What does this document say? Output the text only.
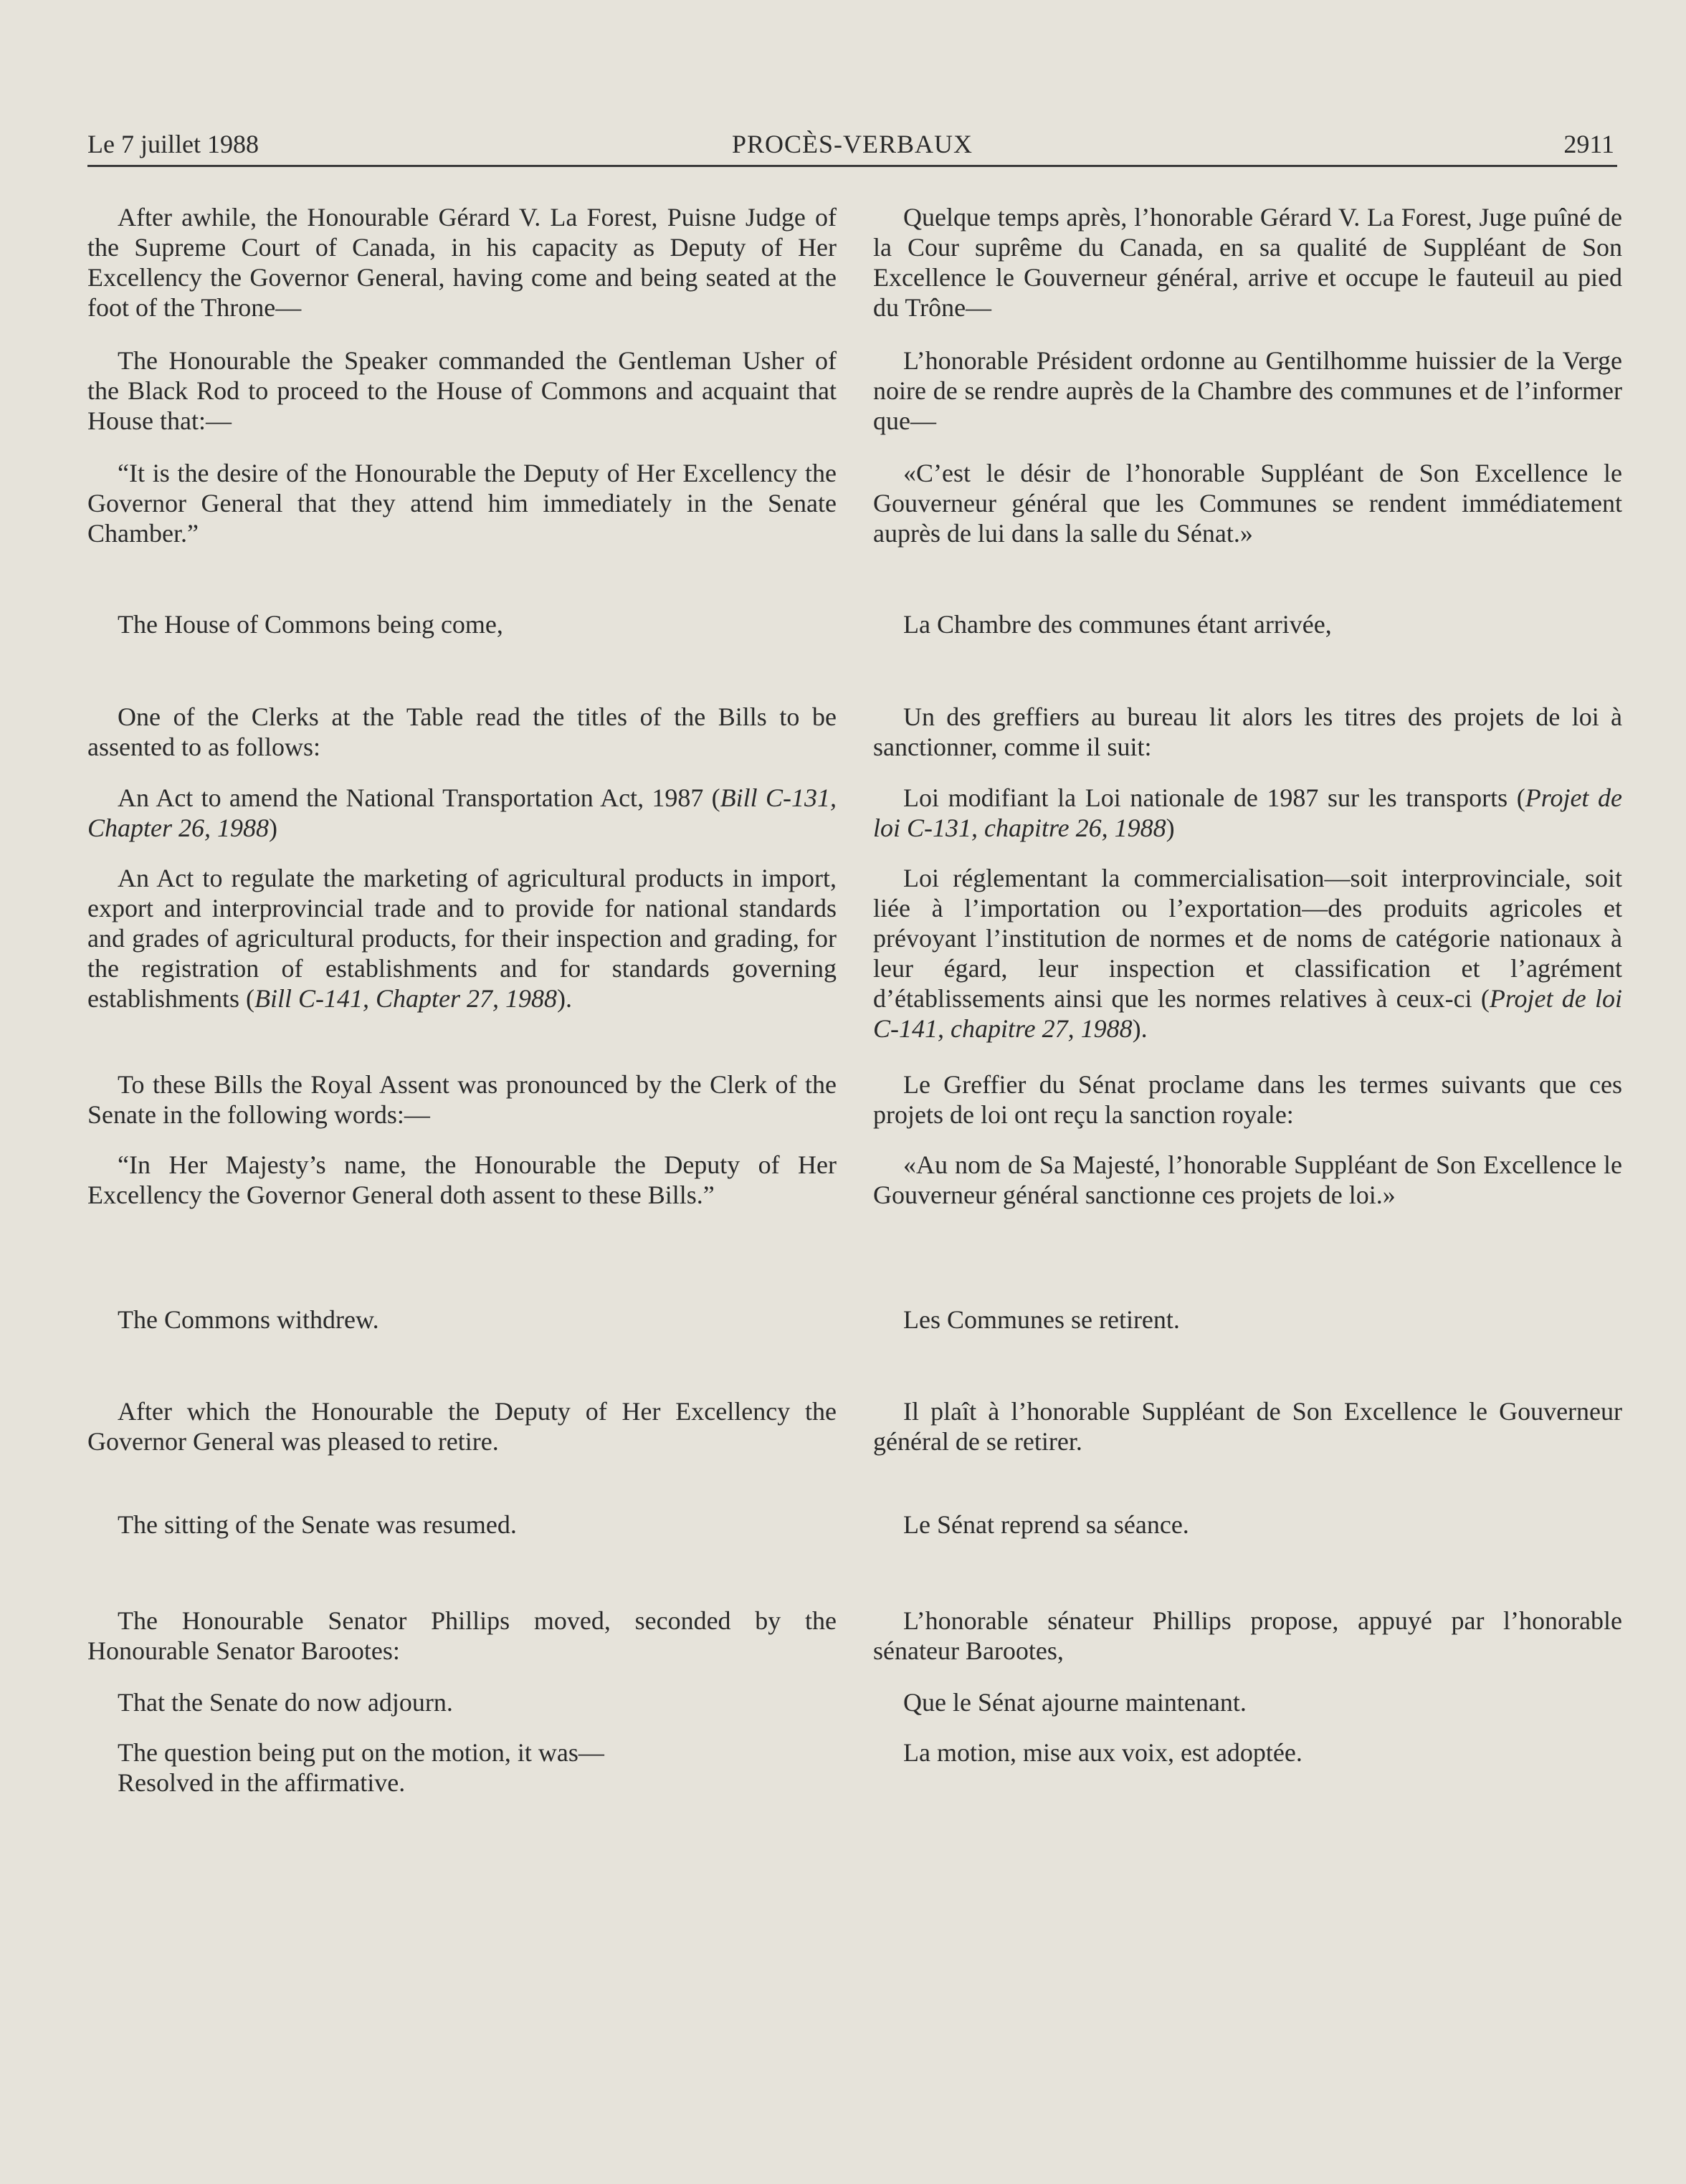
Le 7 juillet 1988	PROCÈS-VERBAUX	2911

After awhile, the Honourable Gérard V. La Forest, Puisne Judge of the Supreme Court of Canada, in his capacity as Deputy of Her Excellency the Governor General, having come and being seated at the foot of the Throne—

The Honourable the Speaker commanded the Gentleman Usher of the Black Rod to proceed to the House of Commons and acquaint that House that:—

“It is the desire of the Honourable the Deputy of Her Excellency the Governor General that they attend him immediately in the Senate Chamber.”

The House of Commons being come,

One of the Clerks at the Table read the titles of the Bills to be assented to as follows:

An Act to amend the National Transportation Act, 1987 (Bill C-131, Chapter 26, 1988)

An Act to regulate the marketing of agricultural products in import, export and interprovincial trade and to provide for national standards and grades of agricultural products, for their inspection and grading, for the registration of establishments and for standards governing establishments (Bill C-141, Chapter 27, 1988).

To these Bills the Royal Assent was pronounced by the Clerk of the Senate in the following words:—

“In Her Majesty’s name, the Honourable the Deputy of Her Excellency the Governor General doth assent to these Bills.”

The Commons withdrew.

After which the Honourable the Deputy of Her Excellency the Governor General was pleased to retire.

The sitting of the Senate was resumed.

The Honourable Senator Phillips moved, seconded by the Honourable Senator Barootes:

That the Senate do now adjourn.

The question being put on the motion, it was—

Resolved in the affirmative.

Quelque temps après, l’honorable Gérard V. La Forest, Juge puîné de la Cour suprême du Canada, en sa qualité de Suppléant de Son Excellence le Gouverneur général, arrive et occupe le fauteuil au pied du Trône—

L’honorable Président ordonne au Gentilhomme huissier de la Verge noire de se rendre auprès de la Chambre des communes et de l’informer que—

«C’est le désir de l’honorable Suppléant de Son Excellence le Gouverneur général que les Communes se rendent immédiatement auprès de lui dans la salle du Sénat.»

La Chambre des communes étant arrivée,

Un des greffiers au bureau lit alors les titres des projets de loi à sanctionner, comme il suit:

Loi modifiant la Loi nationale de 1987 sur les transports (Projet de loi C-131, chapitre 26, 1988)

Loi réglementant la commercialisation—soit interprovinciale, soit liée à l’importation ou l’exportation—des produits agricoles et prévoyant l’institution de normes et de noms de catégorie nationaux à leur égard, leur inspection et classification et l’agrément d’établissements ainsi que les normes relatives à ceux-ci (Projet de loi C-141, chapitre 27, 1988).

Le Greffier du Sénat proclame dans les termes suivants que ces projets de loi ont reçu la sanction royale:

«Au nom de Sa Majesté, l’honorable Suppléant de Son Excellence le Gouverneur général sanctionne ces projets de loi.»

Les Communes se retirent.

Il plaît à l’honorable Suppléant de Son Excellence le Gouverneur général de se retirer.

Le Sénat reprend sa séance.

L’honorable sénateur Phillips propose, appuyé par l’honorable sénateur Barootes,

Que le Sénat ajourne maintenant.

La motion, mise aux voix, est adoptée.
